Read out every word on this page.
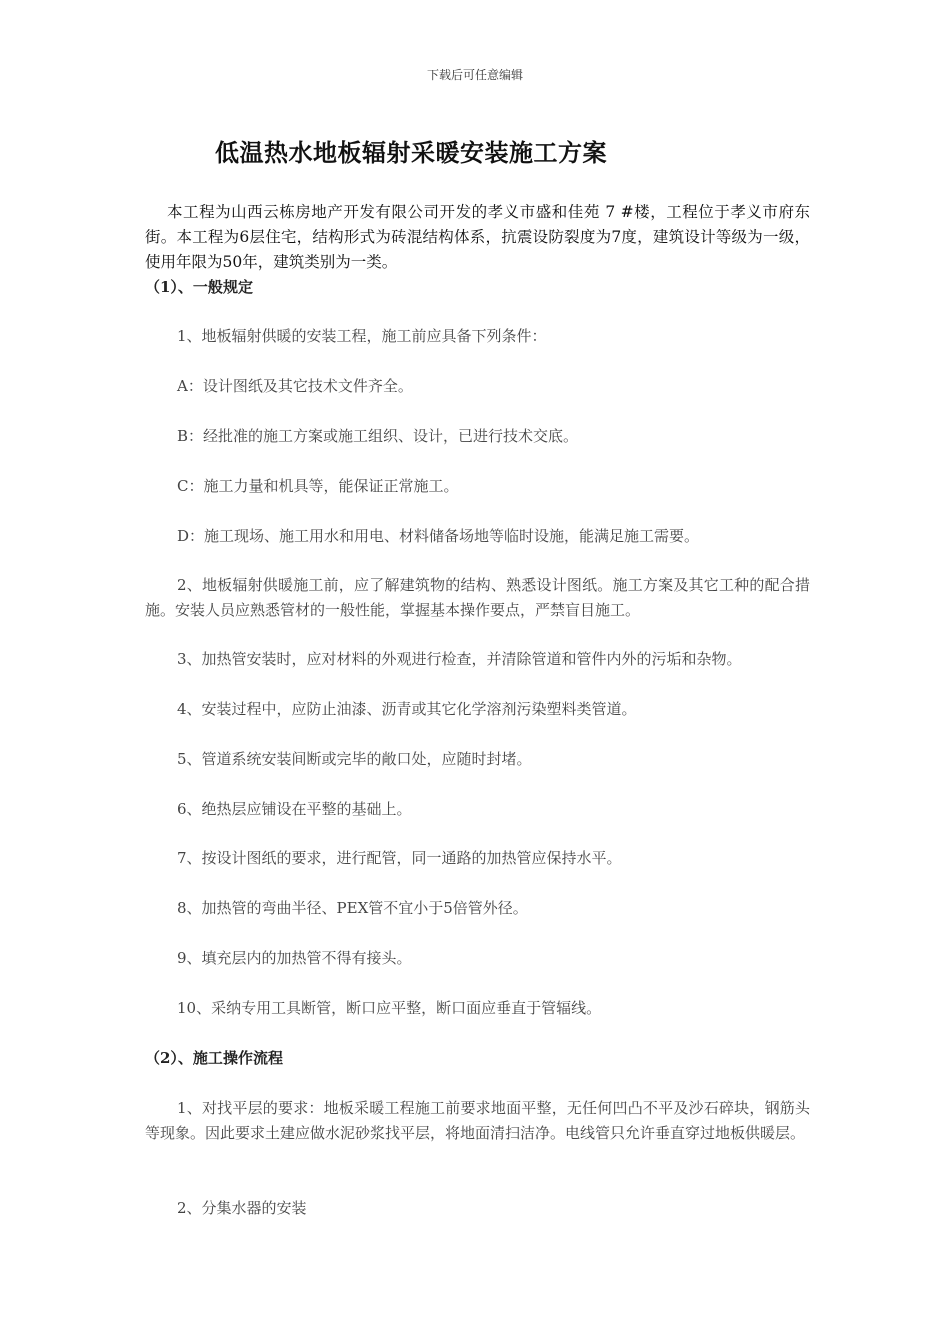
下载后可任意编辑
低温热水地板辐射采暖安装施工方案

本工程为山西云栋房地产开发有限公司开发的孝义市盛和佳苑 7 #楼，工程位于孝义市府东街。本工程为6层住宅，结构形式为砖混结构体系，抗震设防裂度为7度，建筑设计等级为一级，使用年限为50年，建筑类别为一类。

（1）、一般规定

1、地板辐射供暖的安装工程，施工前应具备下列条件：

A：设计图纸及其它技术文件齐全。

B：经批准的施工方案或施工组织、设计，已进行技术交底。

C：施工力量和机具等，能保证正常施工。

D：施工现场、施工用水和用电、材料储备场地等临时设施，能满足施工需要。

2、地板辐射供暖施工前，应了解建筑物的结构、熟悉设计图纸。施工方案及其它工种的配合措施。安装人员应熟悉管材的一般性能，掌握基本操作要点，严禁盲目施工。

3、加热管安装时，应对材料的外观进行检查，并清除管道和管件内外的污垢和杂物。

4、安装过程中，应防止油漆、沥青或其它化学溶剂污染塑料类管道。

5、管道系统安装间断或完毕的敞口处，应随时封堵。

6、绝热层应铺设在平整的基础上。

7、按设计图纸的要求，进行配管，同一通路的加热管应保持水平。

8、加热管的弯曲半径、PEX管不宜小于5倍管外径。

9、填充层内的加热管不得有接头。

10、采纳专用工具断管，断口应平整，断口面应垂直于管辐线。

（2）、施工操作流程

1、对找平层的要求：地板采暖工程施工前要求地面平整，无任何凹凸不平及沙石碎块，钢筋头等现象。因此要求土建应做水泥砂浆找平层，将地面清扫洁净。电线管只允许垂直穿过地板供暖层。

2、分集水器的安装
